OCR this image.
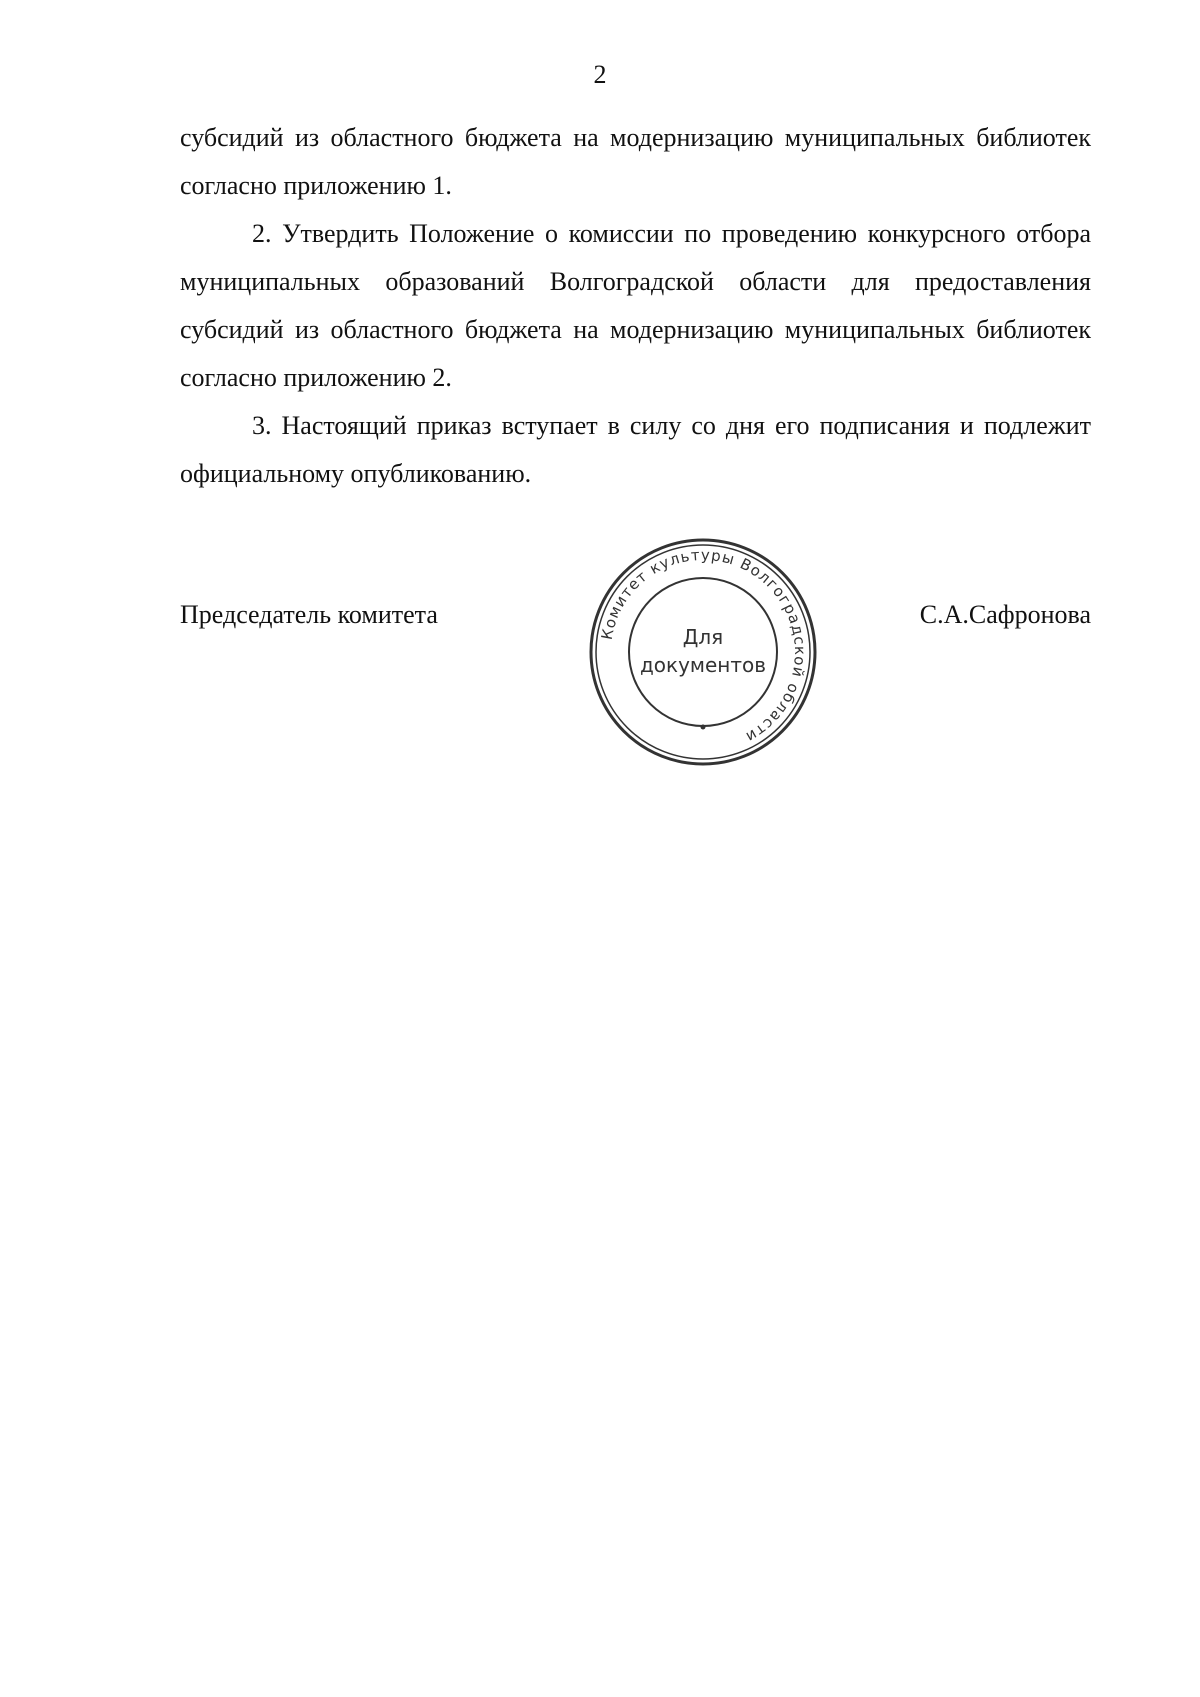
2
субсидий из областного бюджета на модернизацию муниципальных библиотек согласно приложению 1.
2. Утвердить Положение о комиссии по проведению конкурсного отбора муниципальных образований Волгоградской области для предоставления субсидий из областного бюджета на модернизацию муниципальных библиотек согласно приложению 2.
3. Настоящий приказ вступает в силу со дня его подписания и подлежит официальному опубликованию.
Председатель комитета	С.А.Сафронова
Комитет культуры Волгоградской области
Для
документов
